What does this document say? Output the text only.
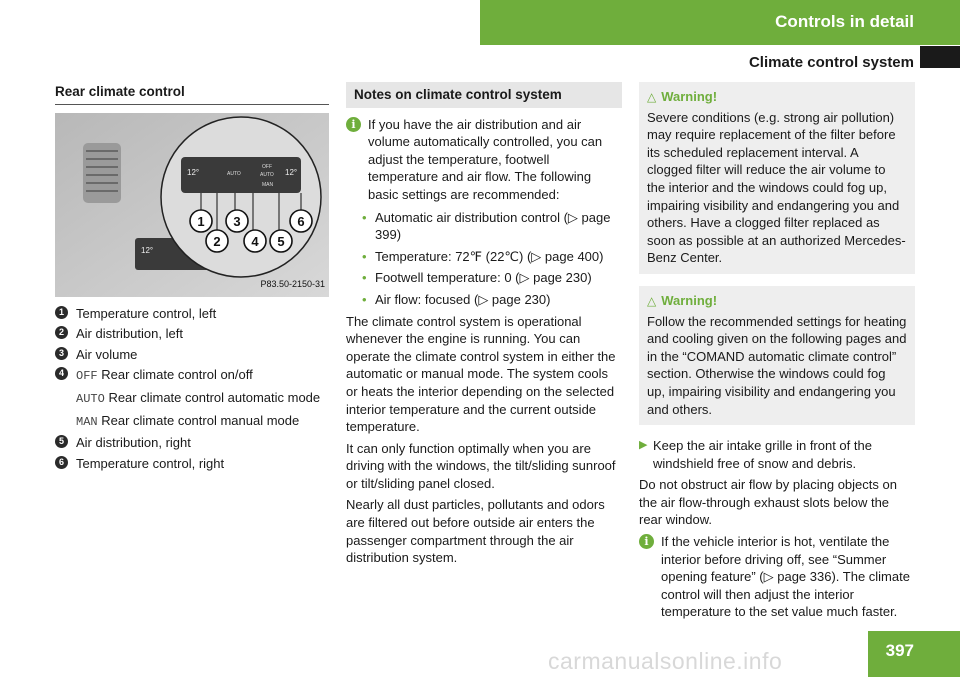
Controls in detail
Climate control system
Rear climate control
12°
12°	AUTO
OFF
AUTO
MAN
12°
1
2
3
4 5
6
P83.50-2150-31
1 Temperature control, left
2 Air distribution, left
3 Air volume
4	OFF Rear climate control on/off
AUTO Rear climate control automatic mode
MAN Rear climate control manual mode
5 Air distribution, right
6 Temperature control, right
Notes on climate control system
i If you have the air distribution and air volume automatically controlled, you can adjust the temperature, footwell temperature and air flow. The following basic settings are recommended:
• Automatic air distribution control (▷ page 399)
• Temperature: 72℉ (22℃) (▷ page 400)
• Footwell temperature: 0 (▷ page 230)
• Air flow: focused (▷ page 230)

The climate control system is operational whenever the engine is running. You can operate the climate control system in either the automatic or manual mode. The system cools or heats the interior depending on the selected interior temperature and the current outside temperature.

It can only function optimally when you are driving with the windows, the tilt/sliding sunroof or tilt/sliding panel closed.

Nearly all dust particles, pollutants and odors are filtered out before outside air enters the passenger compartment through the air distribution system.

△ Warning!
Severe conditions (e.g. strong air pollution) may require replacement of the filter before its scheduled replacement interval. A clogged filter will reduce the air volume to the interior and the windows could fog up, impairing visibility and endangering you and others. Have a clogged filter replaced as soon as possible at an authorized Mercedes-Benz Center.
△ Warning!
Follow the recommended settings for heating and cooling given on the following pages and in the “COMAND automatic climate control” section. Otherwise the windows could fog up, impairing visibility and endangering you and others.
▶ Keep the air intake grille in front of the windshield free of snow and debris.

Do not obstruct air flow by placing objects on the air flow-through exhaust slots below the rear window.

i If the vehicle interior is hot, ventilate the interior before driving off, see “Summer opening feature” (▷ page 336). The climate control will then adjust the interior temperature to the set value much faster.
carmanualsonline.info	397
